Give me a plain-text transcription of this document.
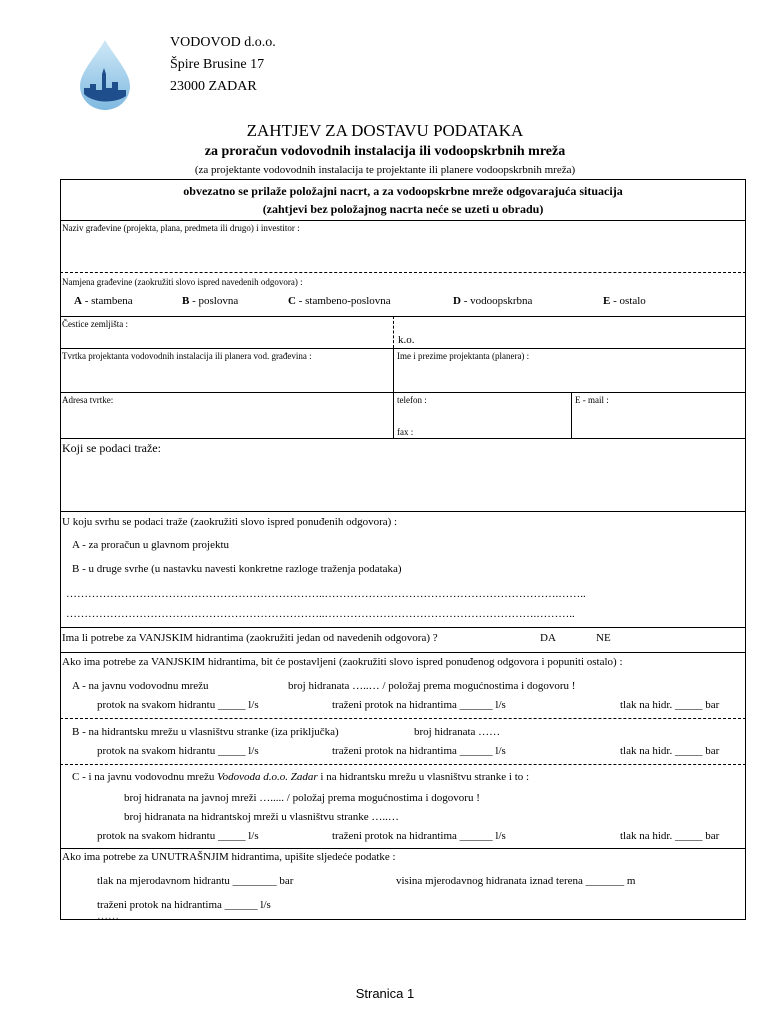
VODOVOD d.o.o.
Špire Brusine 17
23000 ZADAR
ZAHTJEV ZA DOSTAVU PODATAKA
za proračun vodovodnih instalacija ili vodoopskrbnih mreža
(za projektante vodovodnih instalacija te projektante ili planere vodoopskrbnih mreža)
obvezatno se prilaže položajni nacrt, a za vodoopskrbne mreže odgovarajuća situacija
(zahtjevi bez položajnog nacrta neće se uzeti u obradu)
Naziv građevine (projekta, plana, predmeta ili drugo) i investitor :
Namjena građevine (zaokružiti slovo ispred navedenih odgovora) :
A - stambena	B - poslovna	C - stambeno-poslovna	D - vodoopskrbna	E - ostalo
Čestice zemljišta :
k.o.
Tvrtka projektanta vodovodnih instalacija ili planera vod. građevina :	Ime i prezime projektanta (planera) :
Adresa tvrtke:	telefon :	E - mail :
fax :
Koji se podaci traže:
U koju svrhu se podaci traže (zaokružiti slovo ispred ponuđenih odgovora) :
A - za proračun u glavnom projektu
B - u druge svrhe (u nastavku navesti konkretne razloge traženja podataka)
……………………………………………………………..……………………………………………………….……..
……………………………………………………………..………………………………………………….………..
Ima li potrebe za VANJSKIM hidrantima (zaokružiti jedan od navedenih odgovora) ?	DA	NE
Ako ima potrebe za VANJSKIM hidrantima, bit će postavljeni (zaokružiti slovo ispred ponuđenog odgovora i popuniti ostalo) :
A - na javnu vodovodnu mrežu	broj hidranata …..… / položaj prema mogućnostima i dogovoru !
protok na svakom hidrantu _____ l/s	traženi protok na hidrantima ______ l/s	tlak na hidr. _____ bar
B - na hidrantsku mrežu u vlasništvu stranke (iza priključka)	broj hidranata ……
protok na svakom hidrantu _____ l/s	traženi protok na hidrantima ______ l/s	tlak na hidr. _____ bar
C - i na javnu vodovodnu mrežu Vodovoda d.o.o. Zadar i na hidrantsku mrežu u vlasništvu stranke i to :
broj hidranata na javnoj mreži …..... / položaj prema mogućnostima i dogovoru !
broj hidranata na hidrantskoj mreži u vlasništvu stranke …..…
protok na svakom hidrantu _____ l/s	traženi protok na hidrantima ______ l/s	tlak na hidr. _____ bar
Ako ima potrebe za UNUTRAŠNJIM hidrantima, upišite sljedeće podatke :
tlak na mjerodavnom hidrantu ________ bar	visina mjerodavnog hidranata iznad terena _______ m
traženi protok na hidrantima ______ l/s
……
Stranica 1
